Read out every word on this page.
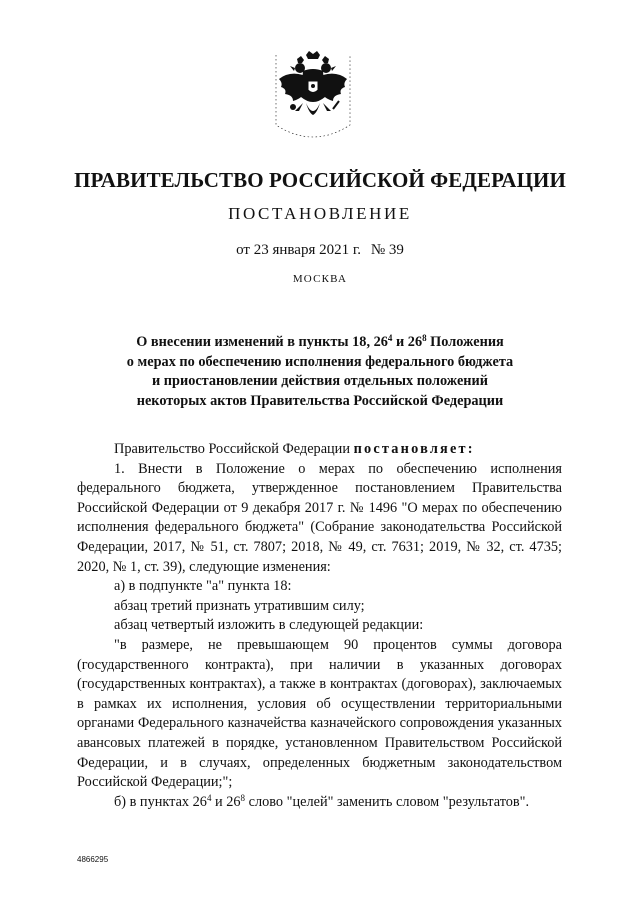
ПРАВИТЕЛЬСТВО РОССИЙСКОЙ ФЕДЕРАЦИИ
ПОСТАНОВЛЕНИЕ
от 23 января 2021 г. № 39
МОСКВА
О внесении изменений в пункты 18, $26^4$ и $26^8$ Положения
о мерах по обеспечению исполнения федерального бюджета
и приостановлении действия отдельных положений
некоторых актов Правительства Российской Федерации

Правительство Российской Федерации постановляет:

1. Внести в Положение о мерах по обеспечению исполнения федерального бюджета, утвержденное постановлением Правительства Российской Федерации от 9 декабря 2017 г. № 1496 "О мерах по обеспечению исполнения федерального бюджета" (Собрание законодательства Российской Федерации, 2017, № 51, ст. 7807; 2018, № 49, ст. 7631; 2019, № 32, ст. 4735; 2020, № 1, ст. 39), следующие изменения:

а) в подпункте "а" пункта 18:

абзац третий признать утратившим силу;

абзац четвертый изложить в следующей редакции:

"в размере, не превышающем 90 процентов суммы договора (государственного контракта), при наличии в указанных договорах (государственных контрактах), а также в контрактах (договорах), заключаемых в рамках их исполнения, условия об осуществлении территориальными органами Федерального казначейства казначейского сопровождения указанных авансовых платежей в порядке, установленном Правительством Российской Федерации, и в случаях, определенных бюджетным законодательством Российской Федерации;";

б) в пунктах $26^4$ и $26^8$ слово "целей" заменить словом "результатов".

4866295
